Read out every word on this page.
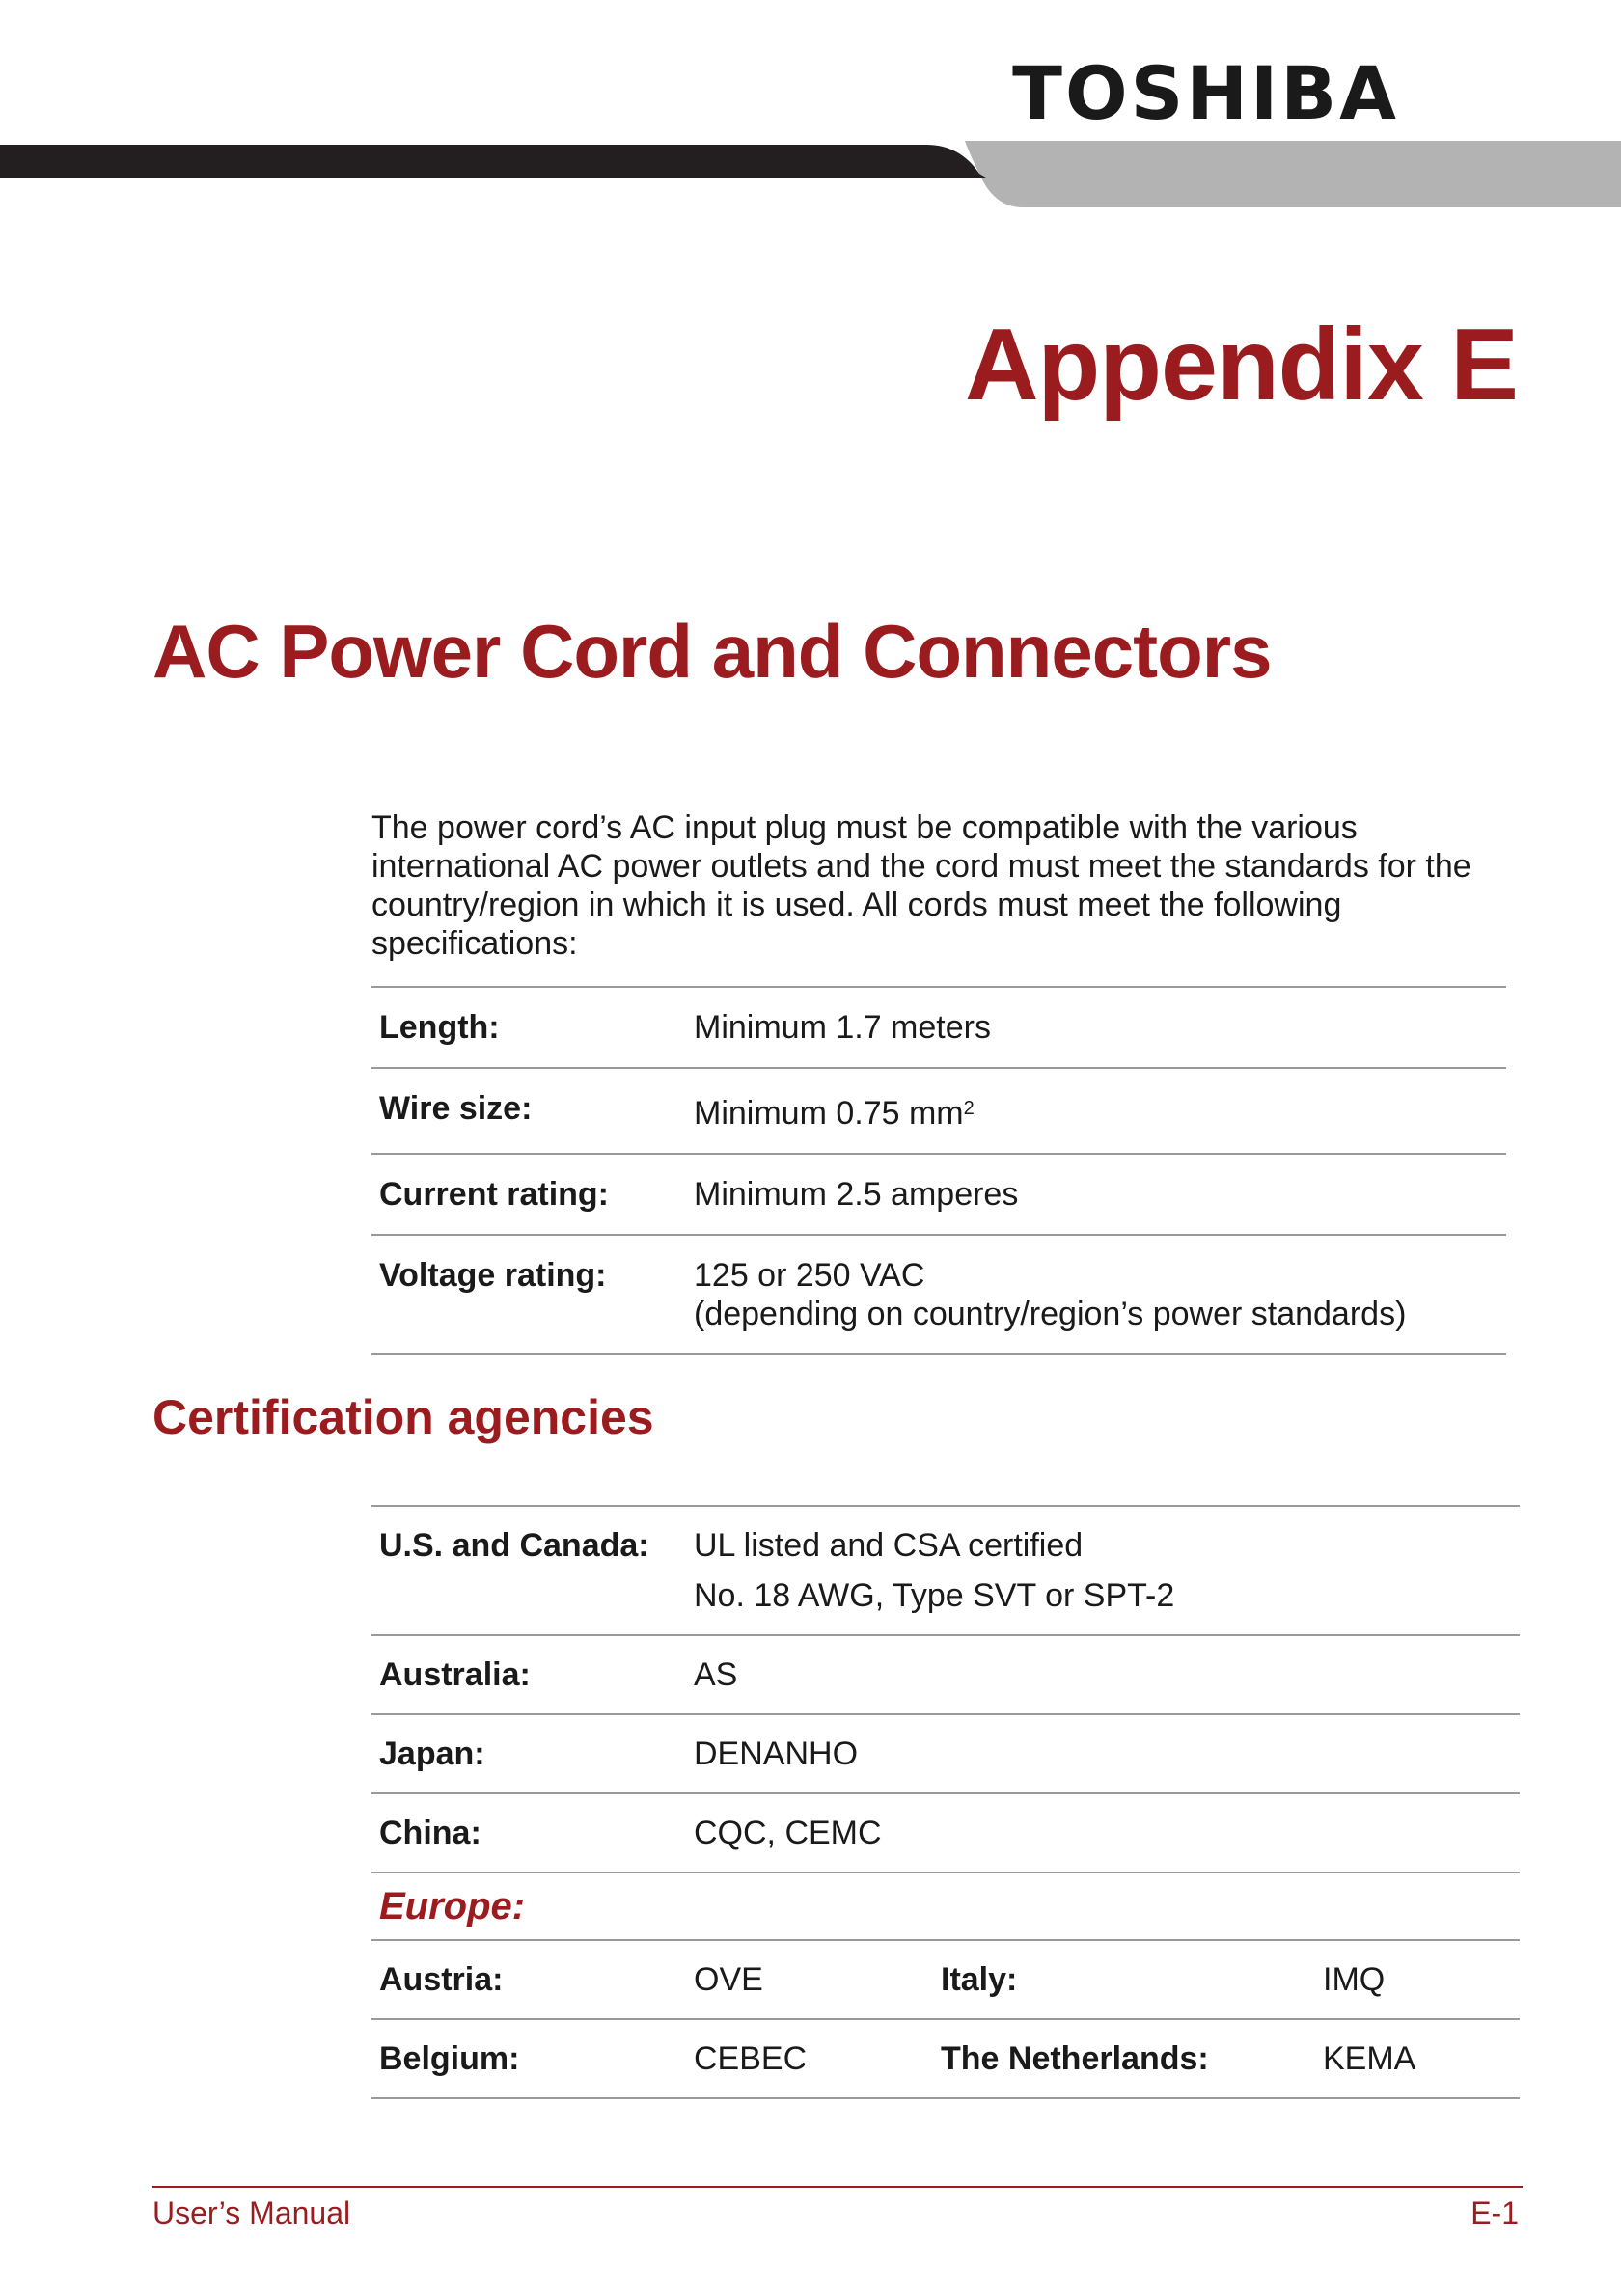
TOSHIBA
Appendix E
AC Power Cord and Connectors
The power cord’s AC input plug must be compatible with the various international AC power outlets and the cord must meet the standards for the country/region in which it is used. All cords must meet the following specifications:
Length:	Minimum 1.7 meters
Wire size:	Minimum 0.75 $mm^2$
Current rating:	Minimum 2.5 amperes
Voltage rating:	125 or 250 VAC
(depending on country/region’s power standards)
Certification agencies
U.S. and Canada:	UL listed and CSA certified
No. 18 AWG, Type SVT or SPT-2		

Australia:	AS		
Japan:	DENANHO		
China:	CQC, CEMC		
Europe:			
Austria:	OVE	Italy:	IMQ
Belgium:	CEBEC	The Netherlands:	KEMA
User’s Manual	E-1
